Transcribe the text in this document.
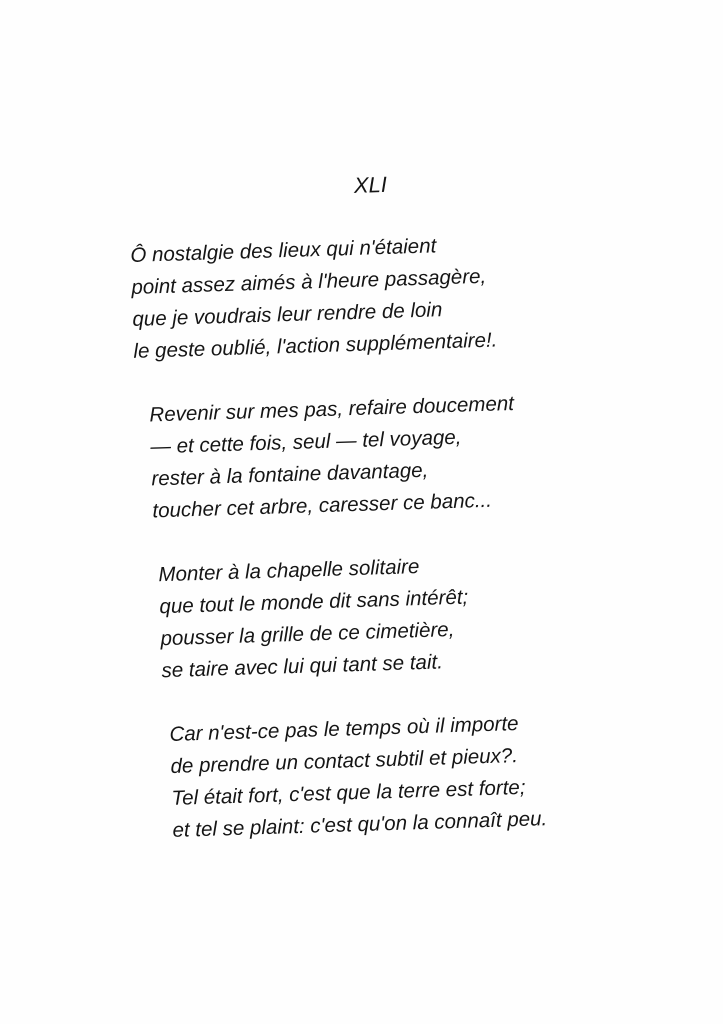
XLI
Ô nostalgie des lieux qui n'étaient
point assez aimés à l'heure passagère,
que je voudrais leur rendre de loin
le geste oublié, l'action supplémentaire!.
Revenir sur mes pas, refaire doucement
— et cette fois, seul — tel voyage,
rester à la fontaine davantage,
toucher cet arbre, caresser ce banc...
Monter à la chapelle solitaire
que tout le monde dit sans intérêt;
pousser la grille de ce cimetière,
se taire avec lui qui tant se tait.
Car n'est-ce pas le temps où il importe
de prendre un contact subtil et pieux?.
Tel était fort, c'est que la terre est forte;
et tel se plaint: c'est qu'on la connaît peu.
